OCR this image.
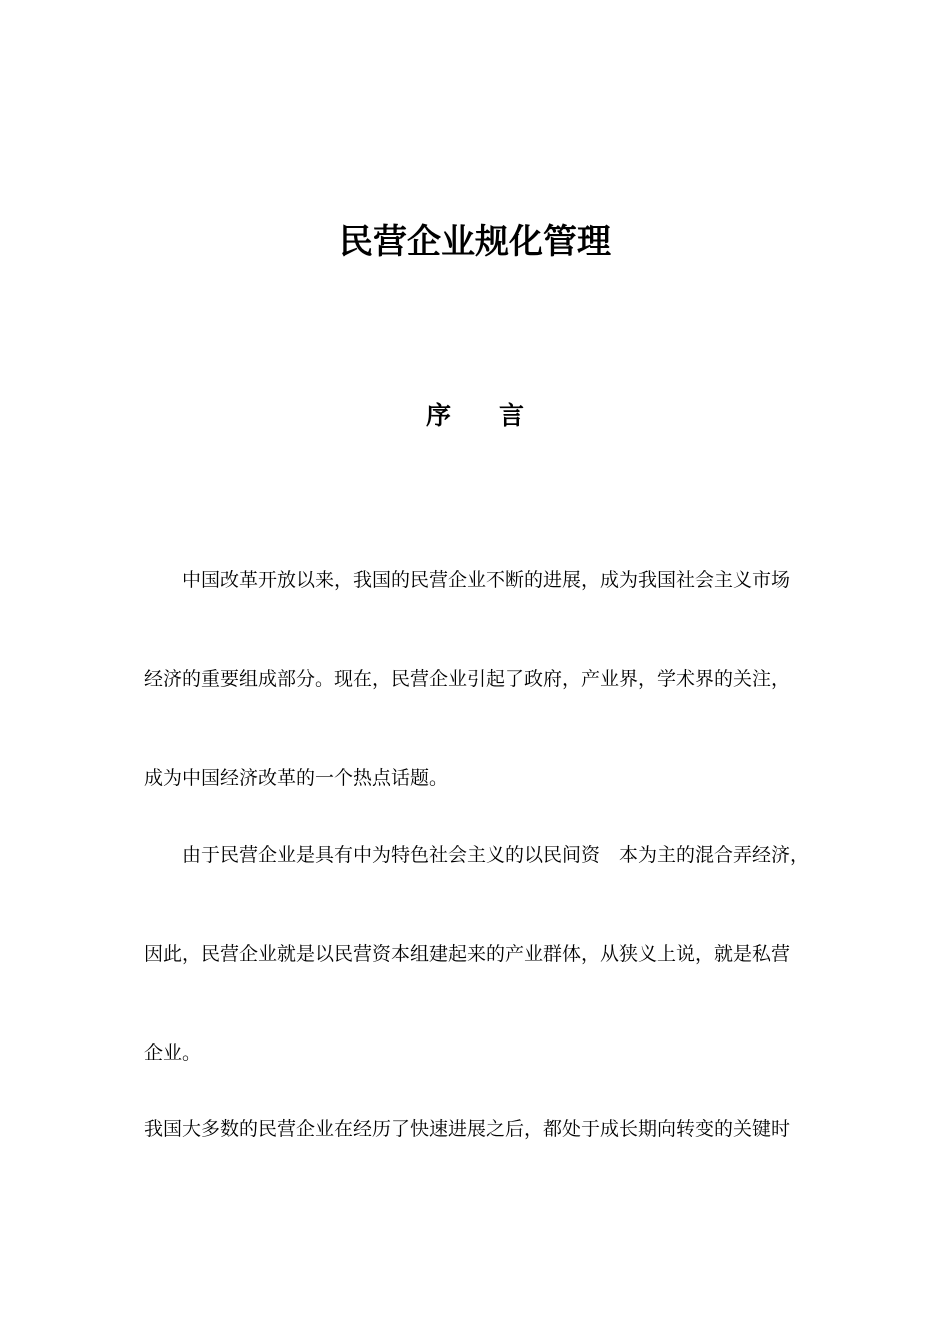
民营企业规化管理
序言
中国改革开放以来，我国的民营企业不断的进展，成为我国社会主义市场
经济的重要组成部分。现在，民营企业引起了政府，产业界，学术界的关注，
成为中国经济改革的一个热点话题。
由于民营企业是具有中为特色社会主义的以民间资　本为主的混合弄经济，
因此，民营企业就是以民营资本组建起来的产业群体，从狭义上说，就是私营
企业。
我国大多数的民营企业在经历了快速进展之后，都处于成长期向转变的关键时
